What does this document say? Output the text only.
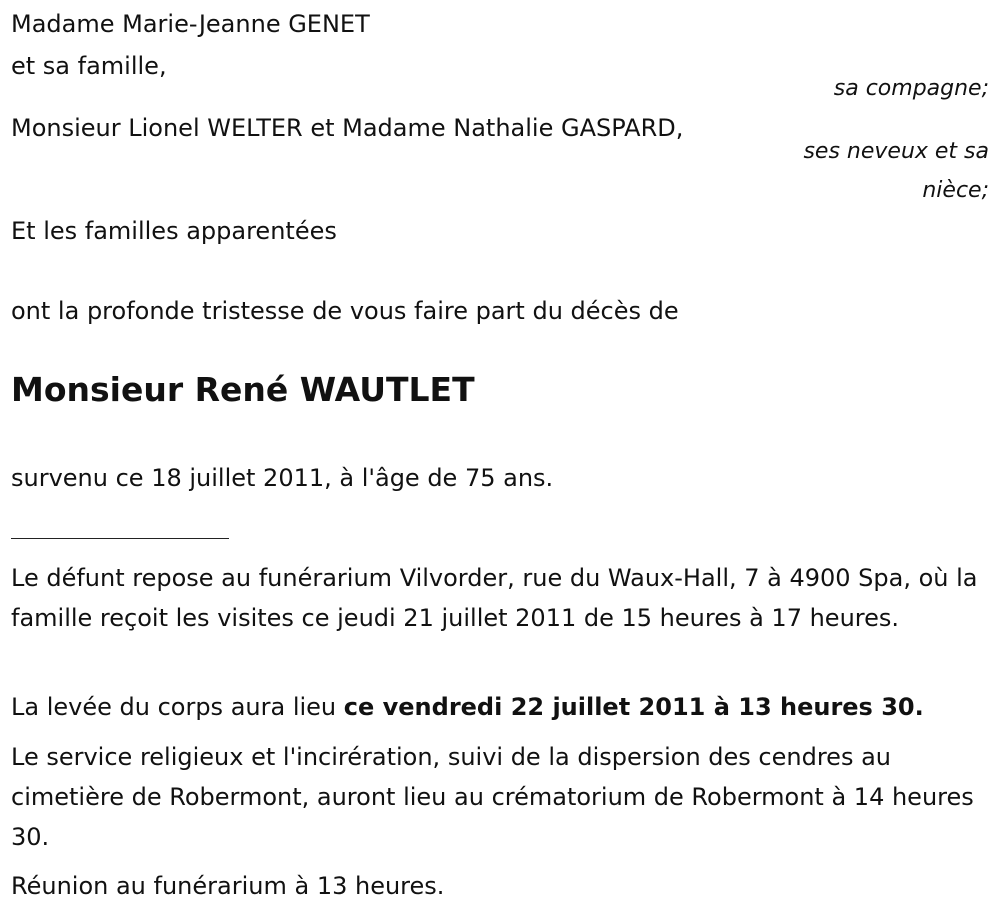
Madame Marie-Jeanne GENET

et sa famille,

sa compagne;

Monsieur Lionel WELTER et Madame Nathalie GASPARD,

ses neveux et sa
nièce;

Et les familles apparentées

ont la profonde tristesse de vous faire part du décès de

Monsieur René WAUTLET

survenu ce 18 juillet 2011, à l'âge de 75 ans.

Le défunt repose au funérarium Vilvorder, rue du Waux-Hall, 7 à 4900 Spa, où la famille reçoit les visites ce jeudi 21 juillet 2011 de 15 heures à 17 heures.

La levée du corps aura lieu ce vendredi 22 juillet 2011 à 13 heures 30.

Le service religieux et l'incirération, suivi de la dispersion des cendres au cimetière de Robermont, auront lieu au crématorium de Robermont à 14 heures 30.

Réunion au funérarium à 13 heures.
